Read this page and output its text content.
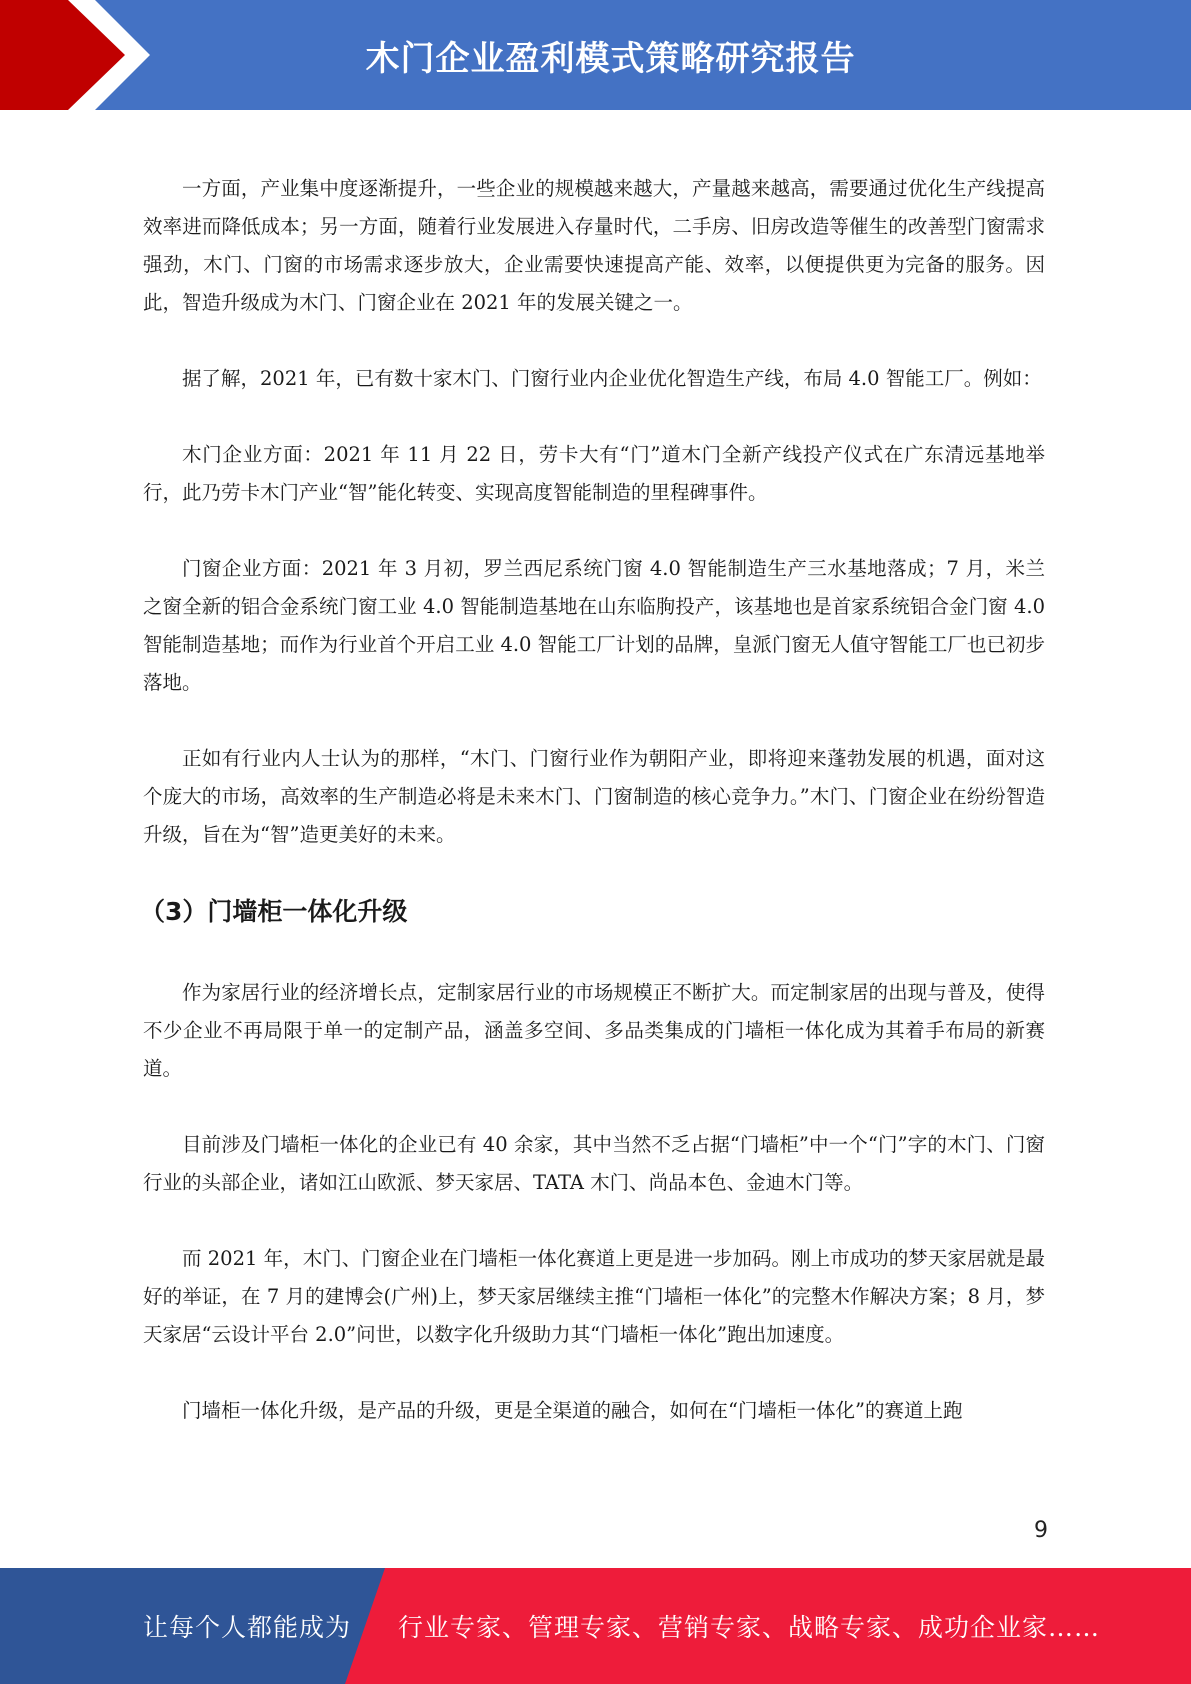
木门企业盈利模式策略研究报告

一方面，产业集中度逐渐提升，一些企业的规模越来越大，产量越来越高，需要通过优化生产线提高效率进而降低成本；另一方面，随着行业发展进入存量时代，二手房、旧房改造等催生的改善型门窗需求强劲，木门、门窗的市场需求逐步放大，企业需要快速提高产能、效率，以便提供更为完备的服务。因此，智造升级成为木门、门窗企业在 2021 年的发展关键之一。

据了解，2021 年，已有数十家木门、门窗行业内企业优化智造生产线，布局 4.0 智能工厂。例如：

木门企业方面：2021 年 11 月 22 日，劳卡大有“门”道木门全新产线投产仪式在广东清远基地举行，此乃劳卡木门产业“智”能化转变、实现高度智能制造的里程碑事件。

门窗企业方面：2021 年 3 月初，罗兰西尼系统门窗 4.0 智能制造生产三水基地落成；7 月，米兰之窗全新的铝合金系统门窗工业 4.0 智能制造基地在山东临朐投产，该基地也是首家系统铝合金门窗 4.0 智能制造基地；而作为行业首个开启工业 4.0 智能工厂计划的品牌，皇派门窗无人值守智能工厂也已初步落地。

正如有行业内人士认为的那样，“木门、门窗行业作为朝阳产业，即将迎来蓬勃发展的机遇，面对这个庞大的市场，高效率的生产制造必将是未来木门、门窗制造的核心竞争力。”木门、门窗企业在纷纷智造升级，旨在为“智”造更美好的未来。

（3）门墙柜一体化升级

作为家居行业的经济增长点，定制家居行业的市场规模正不断扩大。而定制家居的出现与普及，使得不少企业不再局限于单一的定制产品，涵盖多空间、多品类集成的门墙柜一体化成为其着手布局的新赛道。

目前涉及门墙柜一体化的企业已有 40 余家，其中当然不乏占据“门墙柜”中一个“门”字的木门、门窗行业的头部企业，诸如江山欧派、梦天家居、TATA 木门、尚品本色、金迪木门等。

而 2021 年，木门、门窗企业在门墙柜一体化赛道上更是进一步加码。刚上市成功的梦天家居就是最好的举证，在 7 月的建博会(广州)上，梦天家居继续主推“门墙柜一体化”的完整木作解决方案；8 月，梦天家居“云设计平台 2.0”问世，以数字化升级助力其“门墙柜一体化”跑出加速度。

门墙柜一体化升级，是产品的升级，更是全渠道的融合，如何在“门墙柜一体化”的赛道上跑

9
让每个人都能成为 行业专家、管理专家、营销专家、战略专家、成功企业家……
